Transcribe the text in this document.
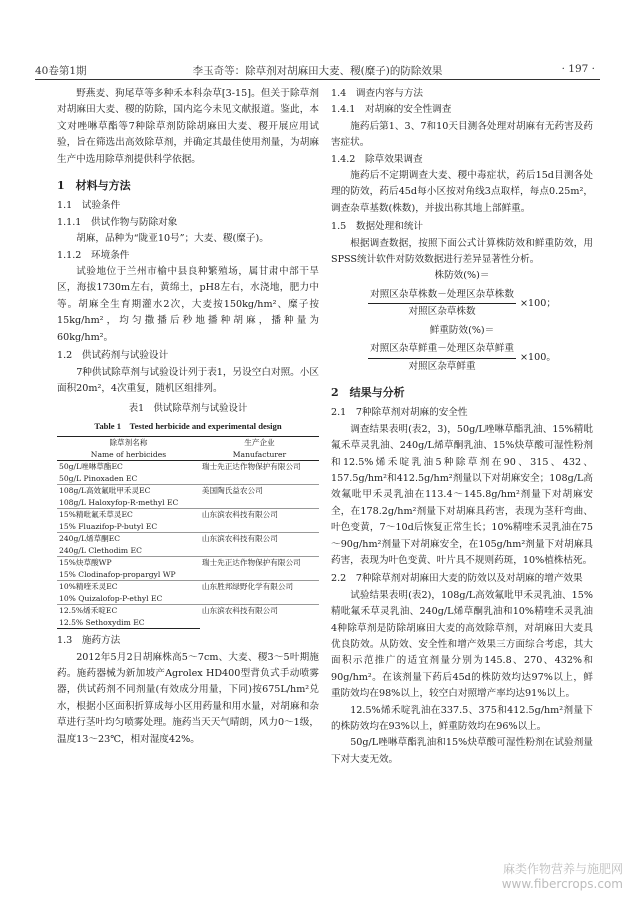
40卷第1期	李玉奇等：除草剂对胡麻田大麦、稷(糜子)的防除效果	· 197 ·

野燕麦、狗尾草等多种禾本科杂草[3-15]。但关于除草剂对胡麻田大麦、稷的防除，国内迄今未见文献报道。鉴此，本文对唑啉草酯等7种除草剂防除胡麻田大麦、稷开展应用试验，旨在筛选出高效除草剂，并确定其最佳使用剂量，为胡麻生产中选用除草剂提供科学依据。

1　材料与方法
1.1　试验条件
1.1.1　供试作物与防除对象

胡麻，品种为“陇亚10号”；大麦、稷(糜子)。

1.1.2　环境条件

试验地位于兰州市榆中县良种繁殖场，属甘肃中部干旱区，海拔1730m左右，黄绵土，pH8左右，水浇地，肥力中等。胡麻全生育期灌水2次，大麦按150kg/hm²、糜子按15kg/hm²，均匀撒播后秒地播种胡麻，播种量为60kg/hm²。

1.2　供试药剂与试验设计

7种供试除草剂与试验设计列于表1，另设空白对照。小区面积20m²，4次重复，随机区组排列。

表1　供试除草剂与试验设计
Table 1　Tested herbicide and experimental design
除草剂名称	生产企业
Name of herbicides	Manufacturer
50g/L唑啉草酯EC	瑞士先正达作物保护有限公司
50g/L Pinoxaden EC	
108g/L高效氟吡甲禾灵EC	美国陶氏益农公司
108g/L Haloxyfop-R-methyl EC	
15%精吡氟禾草灵EC	山东滨农科技有限公司
15% Fluazifop-P-butyl EC	
240g/L烯草酮EC	山东滨农科技有限公司
240g/L Clethodim EC	
15%炔草酸WP	瑞士先正达作物保护有限公司
15% Clodinafop-propargyl WP	
10%精喹禾灵EC	山东胜邦绿野化学有限公司
10% Quizalofop-P-ethyl EC	
12.5%烯禾啶EC	山东滨农科技有限公司
12.5% Sethoxydim EC	
1.3　施药方法

2012年5月2日胡麻株高5～7cm、大麦、稷3～5叶期施药。施药器械为新加坡产Agrolex HD400型背负式手动喷雾器，供试药剂不同剂量(有效成分用量，下同)按675L/hm²兑水，根据小区面积折算成每小区用药量和用水量，对胡麻和杂草进行茎叶均匀喷雾处理。施药当天天气晴朗，风力0～1级，温度13～23℃，相对湿度42%。

1.4　调查内容与方法
1.4.1　对胡麻的安全性调查

施药后第1、3、7和10天目测各处理对胡麻有无药害及药害症状。

1.4.2　除草效果调查

施药后不定期调查大麦、稷中毒症状，药后15d目测各处理的防效，药后45d每小区按对角线3点取样，每点0.25m²，调查杂草基数(株数)，并拔出称其地上部鲜重。

1.5　数据处理和统计

根据调查数据，按照下面公式计算株防效和鲜重防效，用SPSS统计软件对防效数据进行差异显著性分析。

株防效(%)＝
$\frac{\text{对照区杂草株数－处理区杂草株数}}{\text{对照区杂草株数}} \times 100$；
鲜重防效(%)＝
$\frac{\text{对照区杂草鲜重－处理区杂草鲜重}}{\text{对照区杂草鲜重}} \times 100$。
2　结果与分析
2.1　7种除草剂对胡麻的安全性

调查结果表明(表2，3)，50g/L唑啉草酯乳油、15%精吡氟禾草灵乳油、240g/L烯草酮乳油、15%炔草酸可湿性粉剂和12.5%烯禾啶乳油5种除草剂在90、315、432、157.5g/hm²和412.5g/hm²剂量以下对胡麻安全；108g/L高效氟吡甲禾灵乳油在113.4～145.8g/hm²剂量下对胡麻安全，在178.2g/hm²剂量下对胡麻具药害，表现为茎秆弯曲、叶色变黄，7～10d后恢复正常生长；10%精喹禾灵乳油在75～90g/hm²剂量下对胡麻安全，在105g/hm²剂量下对胡麻具药害，表现为叶色变黄、叶片具不规则药斑，10%植株枯死。

2.2　7种除草剂对胡麻田大麦的防效以及对胡麻的增产效果

试验结果表明(表2)，108g/L高效氟吡甲禾灵乳油、15%精吡氟禾草灵乳油、240g/L烯草酮乳油和10%精喹禾灵乳油4种除草剂是防除胡麻田大麦的高效除草剂，对胡麻田大麦具优良防效。从防效、安全性和增产效果三方面综合考虑，其大面积示范推广的适宜剂量分别为145.8、270、432%和90g/hm²。在该剂量下药后45d的株防效均达97%以上，鲜重防效均在98%以上，较空白对照增产率均达91%以上。

12.5%烯禾啶乳油在337.5、375和412.5g/hm²剂量下的株防效均在93%以上，鲜重防效均在96%以上。

50g/L唑啉草酯乳油和15%炔草酸可湿性粉剂在试验剂量下对大麦无效。

麻类作物营养与施肥网
www.fibercrops.com
